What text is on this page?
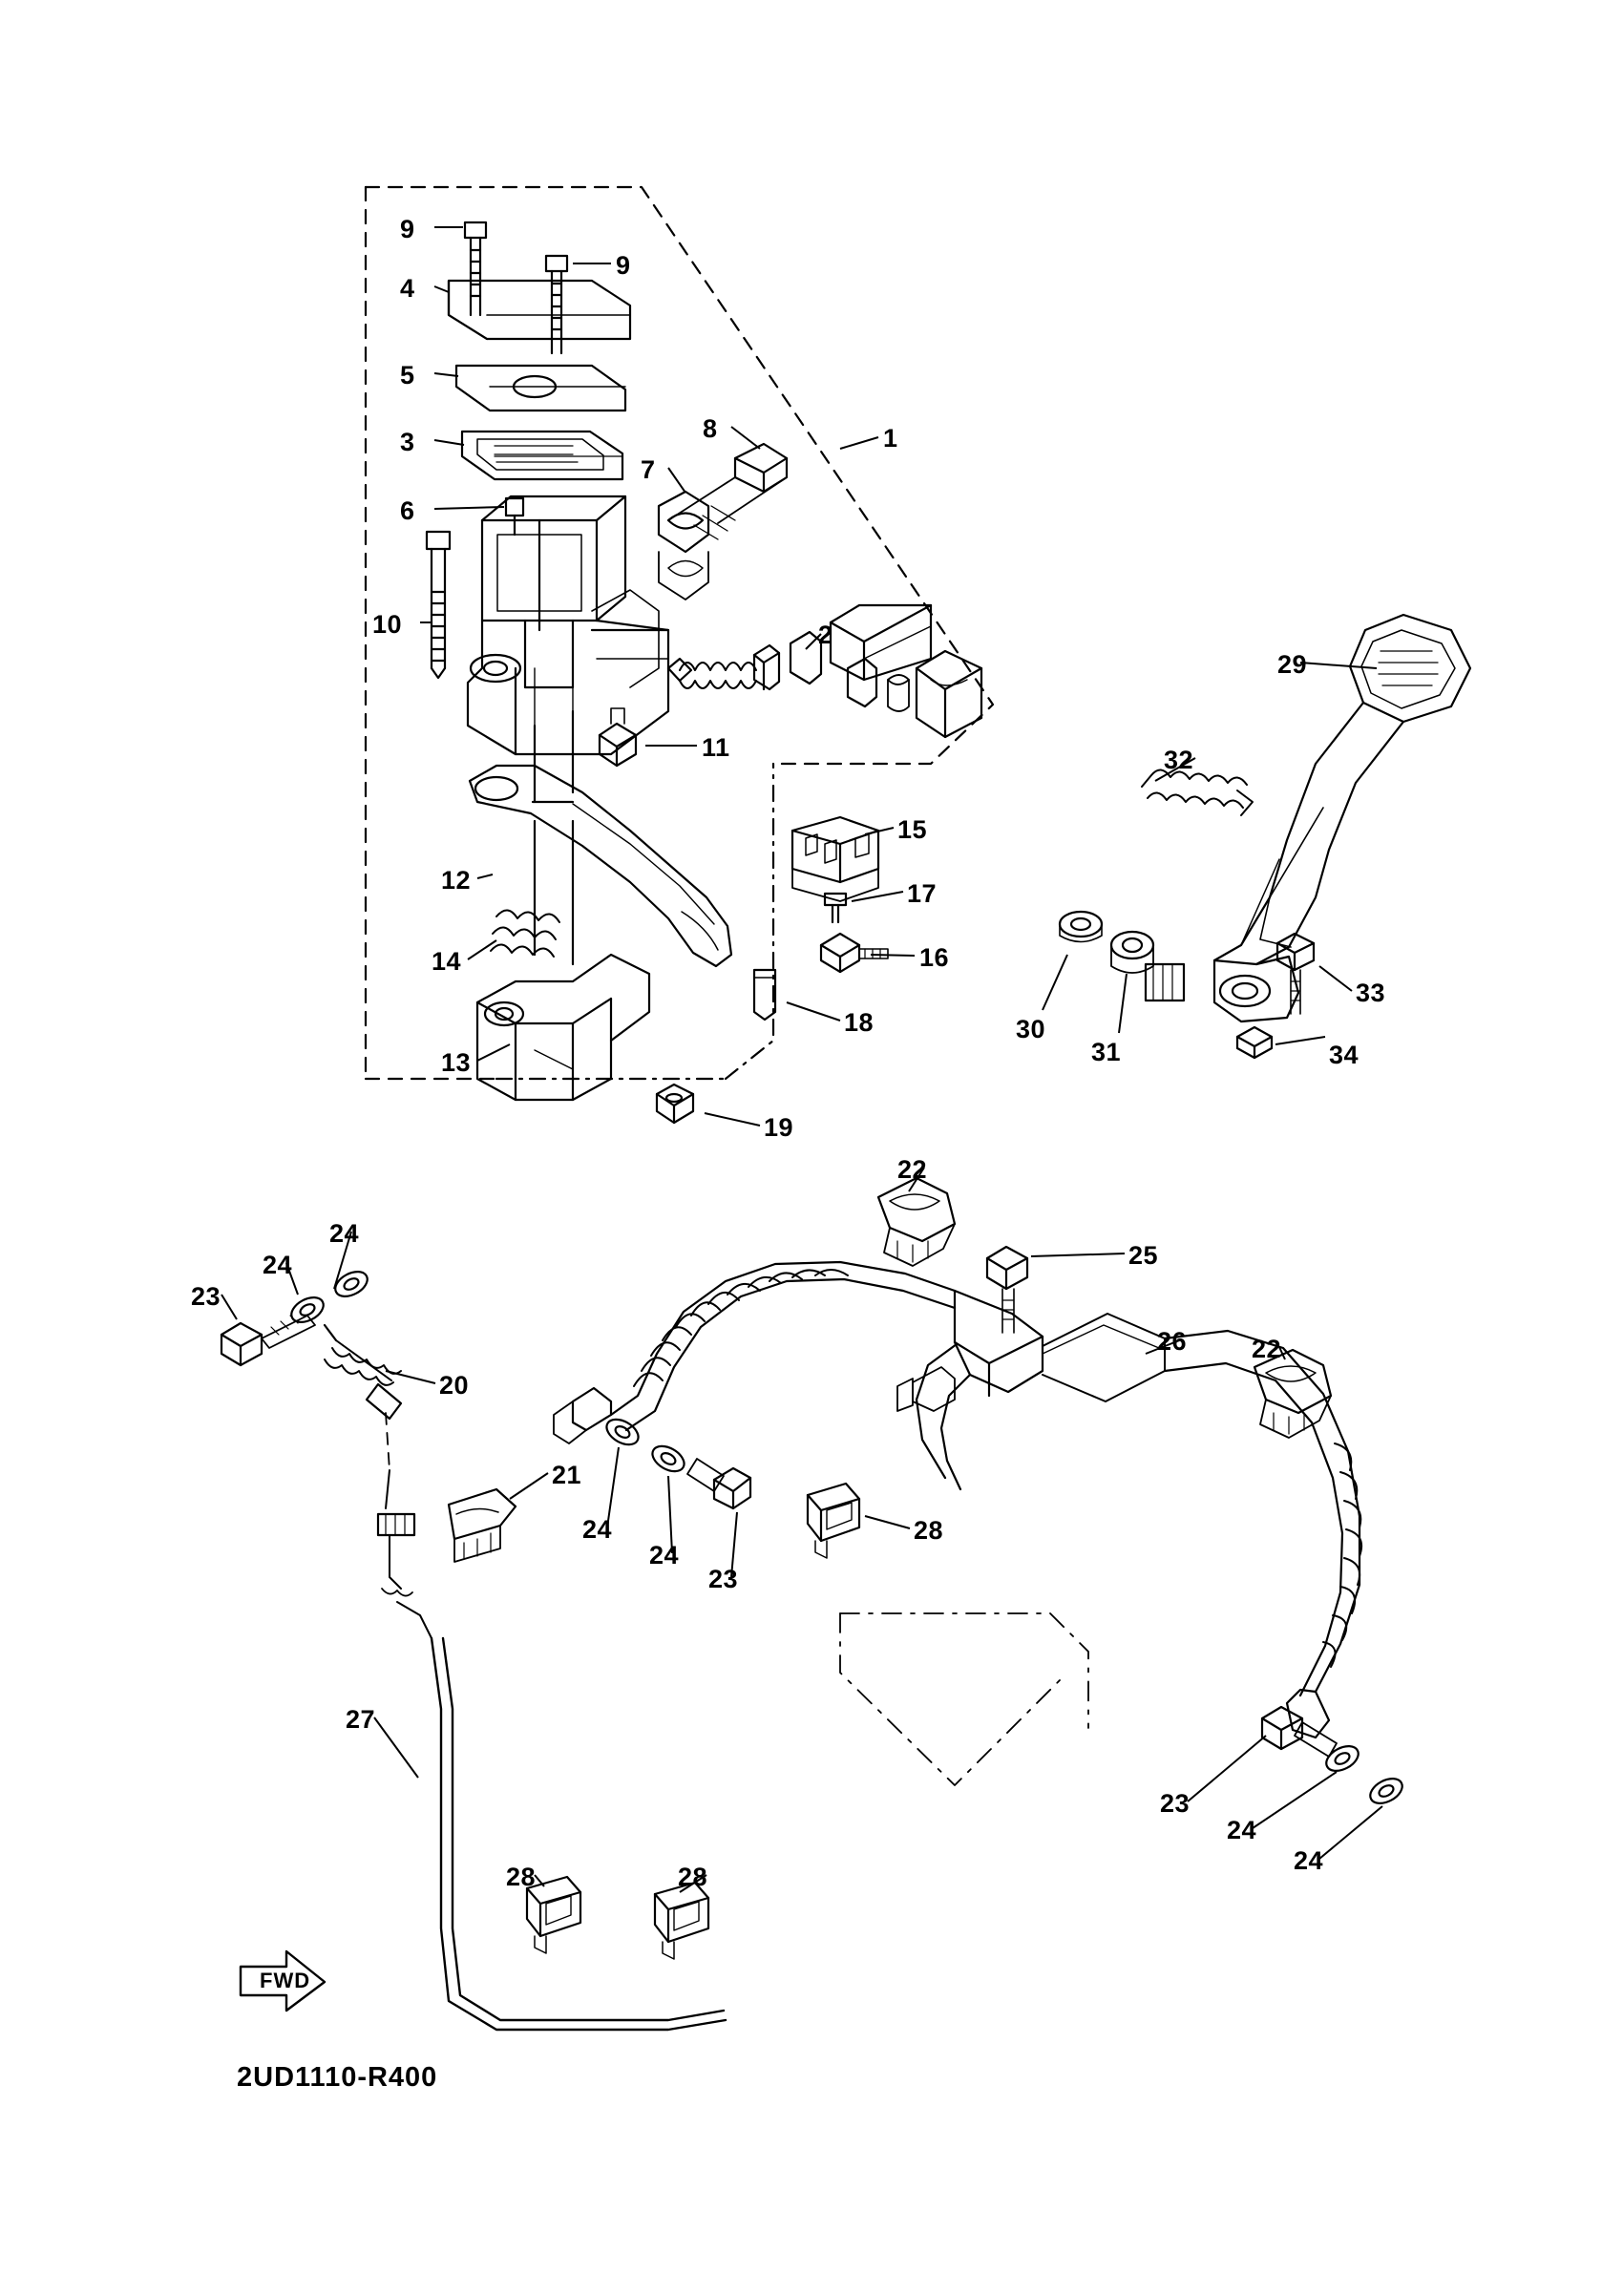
9
9
4
5
3
6
1
8
7
10	2
11
12
15
17
16
14
13
18
19
29
32
30
31
33
34
22
25
26	22
24
24
23
20
21
24
24
23
28
23
24
24
27
28	28
FWD
2UD1110-R400
